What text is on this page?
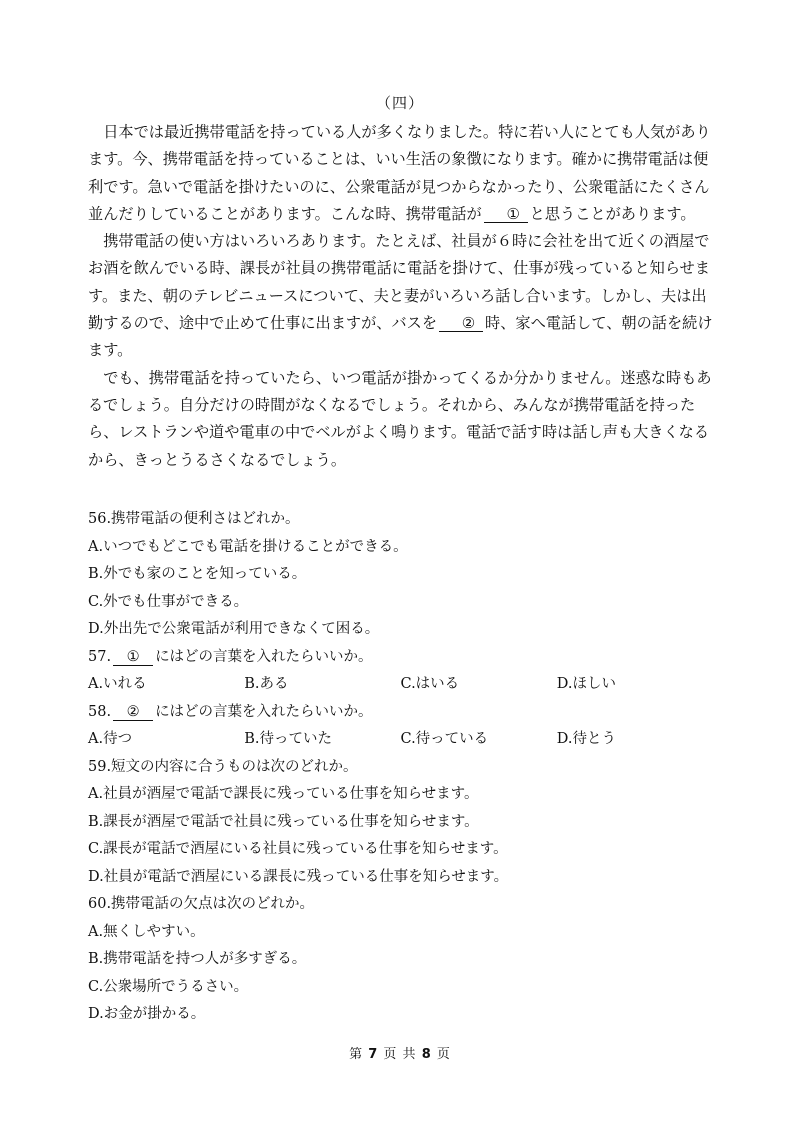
（四）

日本では最近携帯電話を持っている人が多くなりました。特に若い人にとても人気があります。今、携帯電話を持っていることは、いい生活の象徴になります。確かに携帯電話は便利です。急いで電話を掛けたいのに、公衆電話が見つからなかったり、公衆電話にたくさん並んだりしていることがあります。こんな時、携帯電話が ① と思うことがあります。

携帯電話の使い方はいろいろあります。たとえば、社員が６時に会社を出て近くの酒屋でお酒を飲んでいる時、課長が社員の携帯電話に電話を掛けて、仕事が残っていると知らせます。また、朝のテレビニュースについて、夫と妻がいろいろ話し合います。しかし、夫は出勤するので、途中で止めて仕事に出ますが、バスを ② 時、家へ電話して、朝の話を続けます。

でも、携帯電話を持っていたら、いつ電話が掛かってくるか分かりません。迷惑な時もあるでしょう。自分だけの時間がなくなるでしょう。それから、みんなが携帯電話を持ったら、レストランや道や電車の中でベルがよく鳴ります。電話で話す時は話し声も大きくなるから、きっとうるさくなるでしょう。

56.携帯電話の便利さはどれか。

A.いつでもどこでも電話を掛けることができる。

B.外でも家のことを知っている。

C.外でも仕事ができる。

D.外出先で公衆電話が利用できなくて困る。

57. ① にはどの言葉を入れたらいいか。

A.いれる	B.ある	C.はいる	D.ほしい

58. ② にはどの言葉を入れたらいいか。

A.待つ	B.待っていた	C.待っている	D.待とう

59.短文の内容に合うものは次のどれか。

A.社員が酒屋で電話で課長に残っている仕事を知らせます。

B.課長が酒屋で電話で社員に残っている仕事を知らせます。

C.課長が電話で酒屋にいる社員に残っている仕事を知らせます。

D.社員が電話で酒屋にいる課長に残っている仕事を知らせます。

60.携帯電話の欠点は次のどれか。

A.無くしやすい。

B.携帯電話を持つ人が多すぎる。

C.公衆場所でうるさい。

D.お金が掛かる。

第 7 页 共 8 页
